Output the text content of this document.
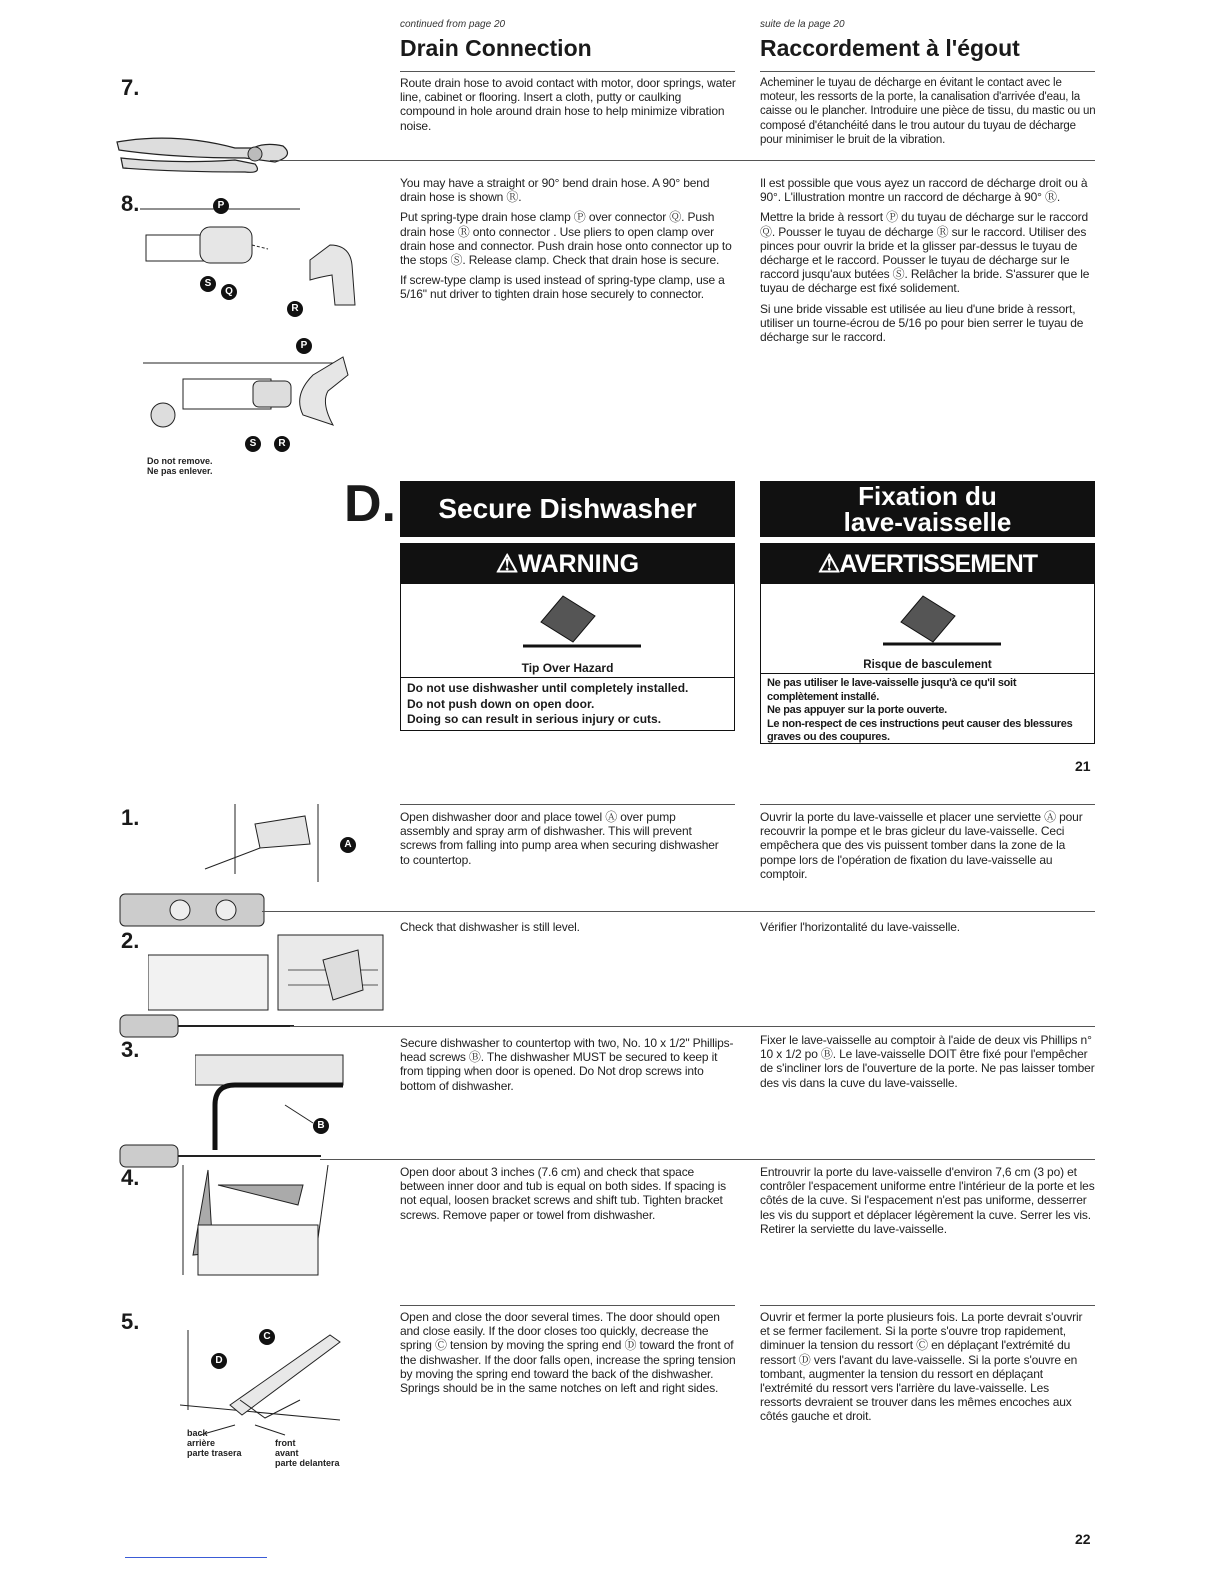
continued from page 20	suite de la page 20
Drain Connection	Raccordement à l'égout
7.	Route drain hose to avoid contact with motor, door springs, water line, cabinet or flooring. Insert a cloth, putty or caulking compound in hole around drain hose to help minimize vibration noise.

Acheminer le tuyau de décharge en évitant le contact avec le moteur, les ressorts de la porte, la canalisation d'arrivée d'eau, la caisse ou le plancher. Introduire une pièce de tissu, du mastic ou un composé d'étanchéité dans le trou autour du tuyau de décharge pour minimiser le bruit de la vibration.

8.

You may have a straight or 90° bend drain hose. A 90° bend drain hose is shown Ⓡ.

Put spring-type drain hose clamp Ⓟ over connector Ⓠ. Push drain hose Ⓡ onto connector . Use pliers to open clamp over drain hose and connector. Push drain hose onto connector up to the stops Ⓢ. Release clamp. Check that drain hose is secure.

If screw-type clamp is used instead of spring-type clamp, use a 5/16" nut driver to tighten drain hose securely to connector.

Il est possible que vous ayez un raccord de décharge droit ou à 90°. L'illustration montre un raccord de décharge à 90° Ⓡ.

Mettre la bride à ressort Ⓟ du tuyau de décharge sur le raccord Ⓠ. Pousser le tuyau de décharge Ⓡ sur le raccord. Utiliser des pinces pour ouvrir la bride et la glisser par-dessus le tuyau de décharge et le raccord. Pousser le tuyau de décharge sur le raccord jusqu'aux butées Ⓢ. Relâcher la bride. S'assurer que le tuyau de décharge est fixé solidement.

Si une bride vissable est utilisée au lieu d'une bride à ressort, utiliser un tourne-écrou de 5/16 po pour bien serrer le tuyau de décharge sur le raccord.

P
S
Q
R
P
S	R
Do not remove.
Ne pas enlever.
D.	Secure Dishwasher	Fixation du
lave-vaisselle
⚠WARNING
Tip Over Hazard
Do not use dishwasher until completely installed.
Do not push down on open door.
Doing so can result in serious injury or cuts.
⚠AVERTISSEMENT
Risque de basculement
Ne pas utiliser le lave-vaisselle jusqu'à ce qu'il soit complètement installé.
Ne pas appuyer sur la porte ouverte.
Le non-respect de ces instructions peut causer des blessures graves ou des coupures.
21
1.	Open dishwasher door and place towel Ⓐ over pump assembly and spray arm of dishwasher. This will prevent screws from falling into pump area when securing dishwasher to countertop.
Ouvrir la porte du lave-vaisselle et placer une serviette Ⓐ pour recouvrir la pompe et le bras gicleur du lave-vaisselle. Ceci empêchera que des vis puissent tomber dans la zone de la pompe lors de l'opération de fixation du lave-vaisselle au comptoir.
A
2.
Check that dishwasher is still level.	Vérifier l'horizontalité du lave-vaisselle.
3.	Secure dishwasher to countertop with two, No. 10 x 1/2" Phillips-head screws Ⓑ. The dishwasher MUST be secured to keep it from tipping when door is opened. Do Not drop screws into bottom of dishwasher.
Fixer le lave-vaisselle au comptoir à l'aide de deux vis Phillips n° 10 x 1/2 po Ⓑ. Le lave-vaisselle DOIT être fixé pour l'empêcher de s'incliner lors de l'ouverture de la porte. Ne pas laisser tomber des vis dans la cuve du lave-vaisselle.
B
4.	Open door about 3 inches (7.6 cm) and check that space between inner door and tub is equal on both sides. If spacing is not equal, loosen bracket screws and shift tub. Tighten bracket screws. Remove paper or towel from dishwasher.
Entrouvrir la porte du lave-vaisselle d'environ 7,6 cm (3 po) et contrôler l'espacement uniforme entre l'intérieur de la porte et les côtés de la cuve. Si l'espacement n'est pas uniforme, desserrer les vis du support et déplacer légèrement la cuve. Serrer les vis. Retirer la serviette du lave-vaisselle.
5.	Open and close the door several times. The door should open and close easily. If the door closes too quickly, decrease the spring Ⓒ tension by moving the spring end Ⓓ toward the front of the dishwasher. If the door falls open, increase the spring tension by moving the spring end toward the back of the dishwasher. Springs should be in the same notches on left and right sides.
Ouvrir et fermer la porte plusieurs fois. La porte devrait s'ouvrir et se fermer facilement. Si la porte s'ouvre trop rapidement, diminuer la tension du ressort Ⓒ en déplaçant l'extrémité du ressort Ⓓ vers l'avant du lave-vaisselle. Si la porte s'ouvre en tombant, augmenter la tension du ressort en déplaçant l'extrémité du ressort vers l'arrière du lave-vaisselle. Les ressorts devraient se trouver dans les mêmes encoches aux côtés gauche et droit.
C
D
back
arrière
parte trasera
front
avant
parte delantera
22
